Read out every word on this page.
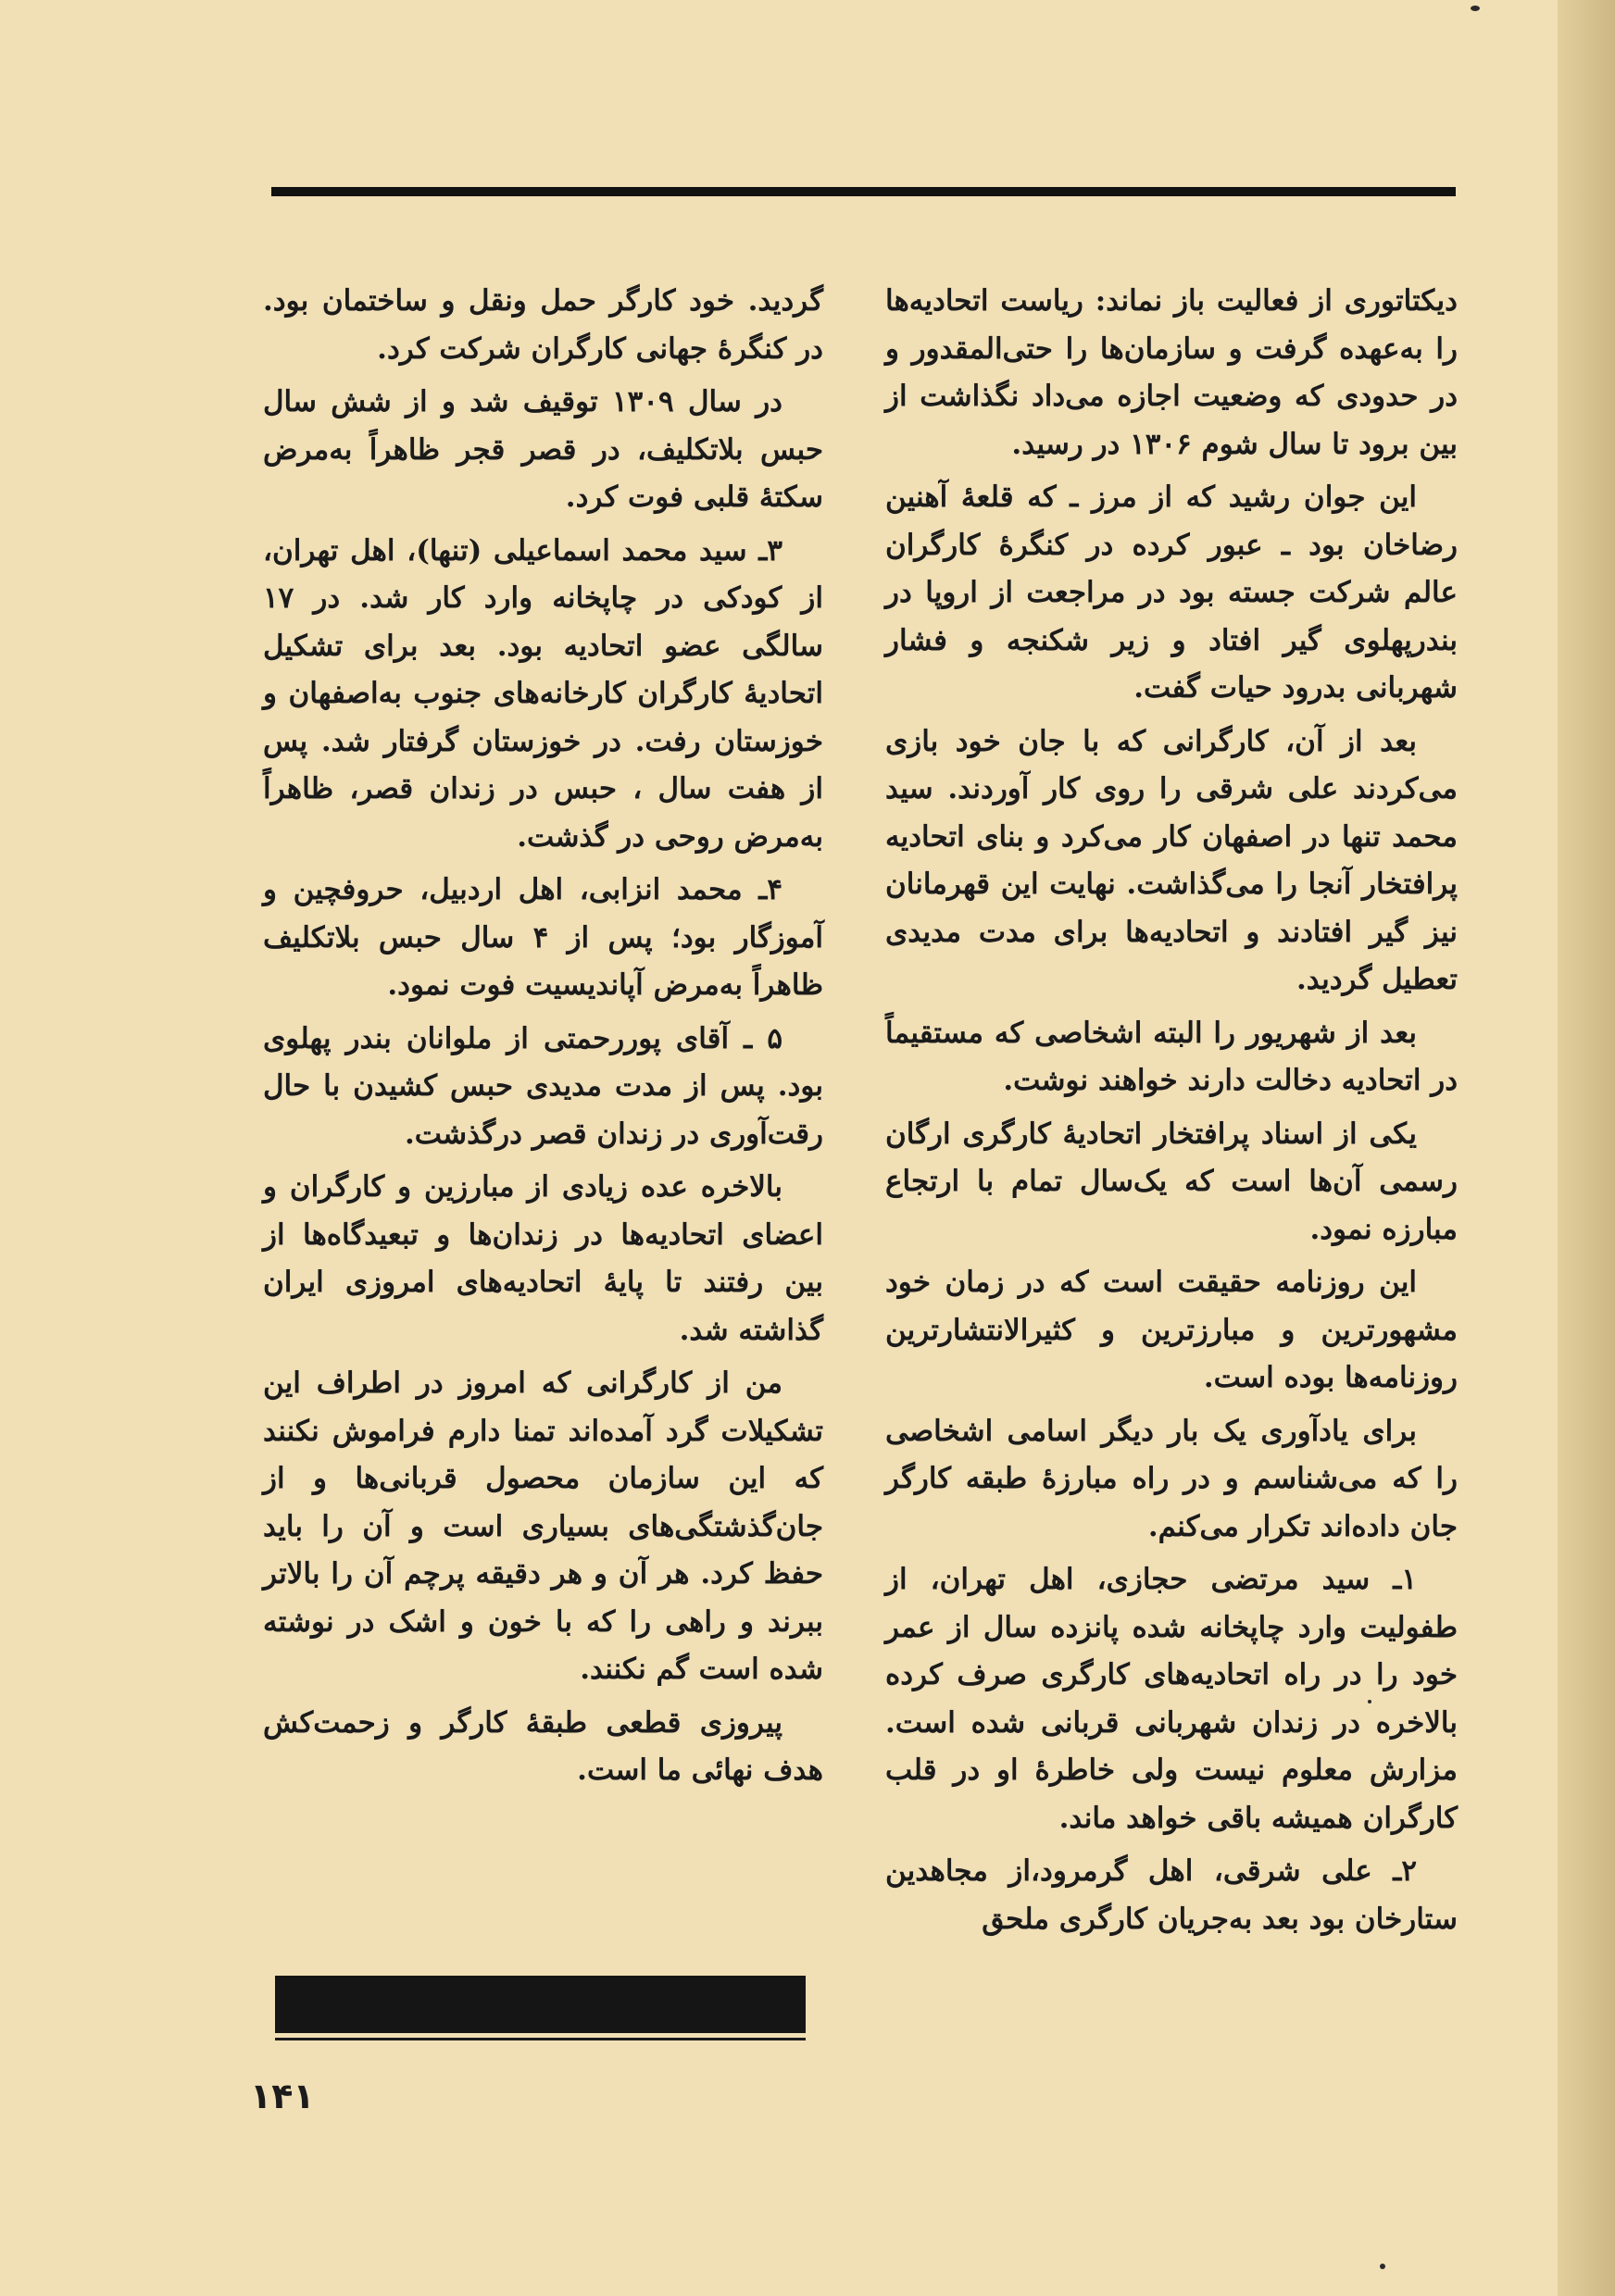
دیکتاتوری از فعالیت باز نماند: ریاست اتحادیه‌ها را به‌عهده گرفت و سازمان‌ها را حتی‌المقدور و در حدودی که وضعیت اجازه می‌داد نگذاشت از بین برود تا سال شوم ۱۳۰۶ در رسید.

این جوان رشید که از مرز ـ که قلعهٔ آهنین رضاخان بود ـ عبور کرده در کنگرهٔ کارگران عالم شرکت جسته بود در مراجعت از اروپا در بندرپهلوی گیر افتاد و زیر شکنجه و فشار شهربانی بدرود حیات گفت.

بعد از آن، کارگرانی که با جان خود بازی می‌کردند علی شرقی را روی کار آوردند. سید محمد تنها در اصفهان کار می‌کرد و بنای اتحادیه پرافتخار آنجا را می‌گذاشت. نهایت این قهرمانان نیز گیر افتادند و اتحادیه‌ها برای مدت مدیدی تعطیل گردید.

بعد از شهریور را البته اشخاصی که مستقیماً در اتحادیه دخالت دارند خواهند نوشت.

یکی از اسناد پرافتخار اتحادیهٔ کارگری ارگان رسمی آن‌ها است که یک‌سال تمام با ارتجاع مبارزه نمود.

این روزنامه حقیقت است که در زمان خود مشهورترین و مبارزترین و کثیرالانتشارترین روزنامه‌ها بوده است.

برای یادآوری یک بار دیگر اسامی اشخاصی را که می‌شناسم و در راه مبارزهٔ طبقه کارگر جان داده‌اند تکرار می‌کنم.

۱ـ سید مرتضی حجازی، اهل تهران، از طفولیت وارد چاپخانه شده پانزده سال از عمر خود را در راه اتحادیه‌های کارگری صرف کرده بالاخره در زندان شهربانی قربانی شده است. مزارش معلوم نیست ولی خاطرهٔ او در قلب کارگران همیشه باقی خواهد ماند.

۲ـ علی شرقی، اهل گرمرود،از مجاهدین ستارخان بود بعد به‌جریان کارگری ملحق

گردید. خود کارگر حمل ونقل و ساختمان بود. در کنگرهٔ جهانی کارگران شرکت کرد.

در سال ۱۳۰۹ توقیف شد و از شش سال حبس بلاتکلیف، در قصر قجر ظاهراً به‌مرض سکتهٔ قلبی فوت کرد.

۳ـ سید محمد اسماعیلی (تنها)، اهل تهران، از کودکی در چاپخانه وارد کار شد. در ۱۷ سالگی عضو اتحادیه بود. بعد برای تشکیل اتحادیهٔ کارگران کارخانه‌های جنوب به‌اصفهان و خوزستان رفت. در خوزستان گرفتار شد. پس از هفت سال ، حبس در زندان قصر، ظاهراً به‌مرض روحی در گذشت.

۴ـ محمد انزابی، اهل اردبیل، حروفچین و آموزگار بود؛ پس از ۴ سال حبس بلاتکلیف ظاهراً به‌مرض آپاندیسیت فوت نمود.

۵ ـ آقای پوررحمتی از ملوانان بندر پهلوی بود. پس از مدت مدیدی حبس کشیدن با حال رقت‌آوری در زندان قصر درگذشت.

بالاخره عده زیادی از مبارزین و کارگران و اعضای اتحادیه‌ها در زندان‌ها و تبعیدگاه‌ها از بین رفتند تا پایهٔ اتحادیه‌های امروزی ایران گذاشته شد.

من از کارگرانی که امروز در اطراف این تشکیلات گرد آمده‌اند تمنا دارم فراموش نکنند که این سازمان محصول قربانی‌ها و از جان‌گذشتگی‌های بسیاری است و آن را باید حفظ کرد. هر آن و هر دقیقه پرچم آن را بالاتر ببرند و راهی را که با خون و اشک در نوشته شده است گم نکنند.

پیروزی قطعی طبقهٔ کارگر و زحمت‌کش هدف نهائی ما است.

۱۴۱
